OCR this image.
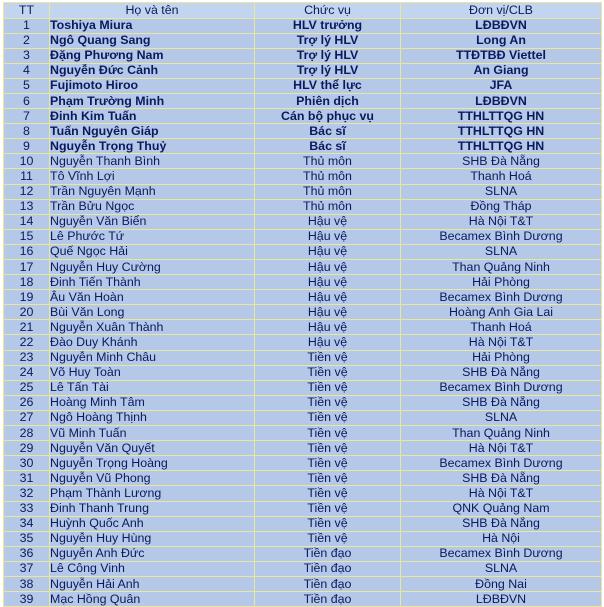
TT	Họ và tên	Chức vụ	Đơn vị/CLB
1	Toshiya Miura	HLV trưởng	LĐBĐVN
2	Ngô Quang Sang	Trợ lý HLV	Long An
3	Đặng Phương Nam	Trợ lý HLV	TTĐTBĐ Viettel
4	Nguyễn Đức Cảnh	Trợ lý HLV	An Giang
5	Fujimoto Hiroo	HLV thể lực	JFA
6	Phạm Trường Minh	Phiên dịch	LĐBĐVN
7	Đinh Kim Tuấn	Cán bộ phục vụ	TTHLTTQG HN
8	Tuấn Nguyên Giáp	Bác sĩ	TTHLTTQG HN
9	Nguyễn Trọng Thuỷ	Bác sĩ	TTHLTTQG HN
10	Nguyễn Thanh Bình	Thủ môn	SHB Đà Nẵng
11	Tô Vĩnh Lợi	Thủ môn	Thanh Hoá
12	Trần Nguyên Mạnh	Thủ môn	SLNA
13	Trần Bửu Ngọc	Thủ môn	Đồng Tháp
14	Nguyễn Văn Biển	Hậu vệ	Hà Nội T&T
15	Lê Phước Tứ	Hậu vệ	Becamex Bình Dương
16	Quế Ngọc Hải	Hậu vệ	SLNA
17	Nguyễn Huy Cường	Hậu vệ	Than Quảng Ninh
18	Đinh Tiến Thành	Hậu vệ	Hải Phòng
19	Âu Văn Hoàn	Hậu vệ	Becamex Bình Dương
20	Bùi Văn Long	Hậu vệ	Hoàng Anh Gia Lai
21	Nguyễn Xuân Thành	Hậu vệ	Thanh Hoá
22	Đào Duy Khánh	Hậu vệ	Hà Nội T&T
23	Nguyễn Minh Châu	Tiền vệ	Hải Phòng
24	Võ Huy Toàn	Tiền vệ	SHB Đà Nẵng
25	Lê Tấn Tài	Tiền vệ	Becamex Bình Dương
26	Hoàng Minh Tâm	Tiền vệ	SHB Đà Nẵng
27	Ngô Hoàng Thịnh	Tiền vệ	SLNA
28	Vũ Minh Tuấn	Tiền vệ	Than Quảng Ninh
29	Nguyễn Văn Quyết	Tiền vệ	Hà Nội T&T
30	Nguyễn Trọng Hoàng	Tiền vệ	Becamex Bình Dương
31	Nguyễn Vũ Phong	Tiền vệ	SHB Đà Nẵng
32	Phạm Thành Lương	Tiền vệ	Hà Nội T&T
33	Đinh Thanh Trung	Tiền vệ	QNK Quảng Nam
34	Huỳnh Quốc Anh	Tiền vệ	SHB Đà Nẵng
35	Nguyễn Huy Hùng	Tiền vệ	Hà Nội
36	Nguyễn Anh Đức	Tiền đạo	Becamex Bình Dương
37	Lê Công Vinh	Tiền đạo	SLNA
38	Nguyễn Hải Anh	Tiền đạo	Đồng Nai
39	Mạc Hồng Quân	Tiền đạo	LĐBĐVN
